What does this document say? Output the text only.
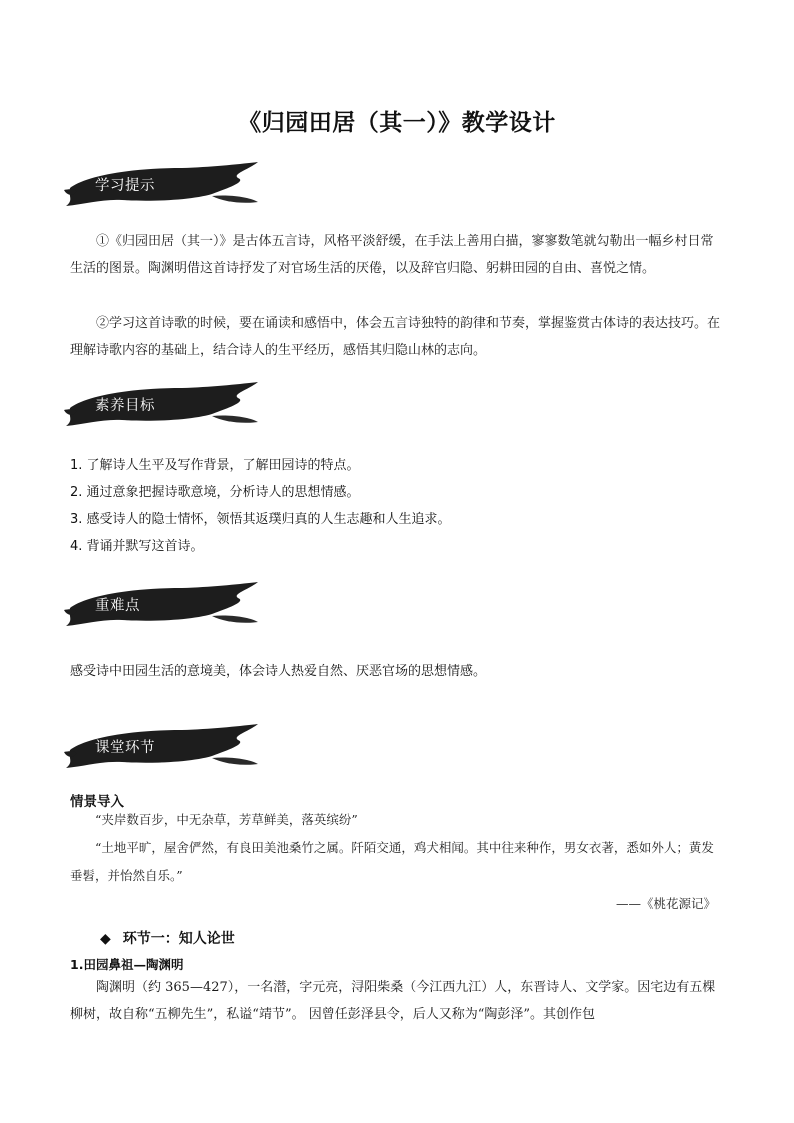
《归园田居（其一）》教学设计
学习提示

①《归园田居（其一）》是古体五言诗，风格平淡舒缓，在手法上善用白描，寥寥数笔就勾勒出一幅乡村日常生活的图景。陶渊明借这首诗抒发了对官场生活的厌倦，以及辞官归隐、躬耕田园的自由、喜悦之情。

②学习这首诗歌的时候，要在诵读和感悟中，体会五言诗独特的韵律和节奏，掌握鉴赏古体诗的表达技巧。在理解诗歌内容的基础上，结合诗人的生平经历，感悟其归隐山林的志向。

素养目标
1. 了解诗人生平及写作背景，了解田园诗的特点。
2. 通过意象把握诗歌意境，分析诗人的思想情感。
3. 感受诗人的隐士情怀，领悟其返璞归真的人生志趣和人生追求。
4. 背诵并默写这首诗。
重难点
感受诗中田园生活的意境美，体会诗人热爱自然、厌恶官场的思想情感。
课堂环节
情景导入

“夹岸数百步，中无杂草，芳草鲜美，落英缤纷”

“土地平旷，屋舍俨然，有良田美池桑竹之属。阡陌交通，鸡犬相闻。其中往来种作，男女衣著，悉如外人；黄发垂髫，并怡然自乐。”

——《桃花源记》
◆ 环节一：知人论世
1.田园鼻祖—陶渊明

陶渊明（约 365—427），一名潜，字元亮，浔阳柴桑（今江西九江）人，东晋诗人、文学家。因宅边有五棵柳树，故自称“五柳先生”，私谥“靖节”。 因曾任彭泽县令，后人又称为“陶彭泽”。其创作包
